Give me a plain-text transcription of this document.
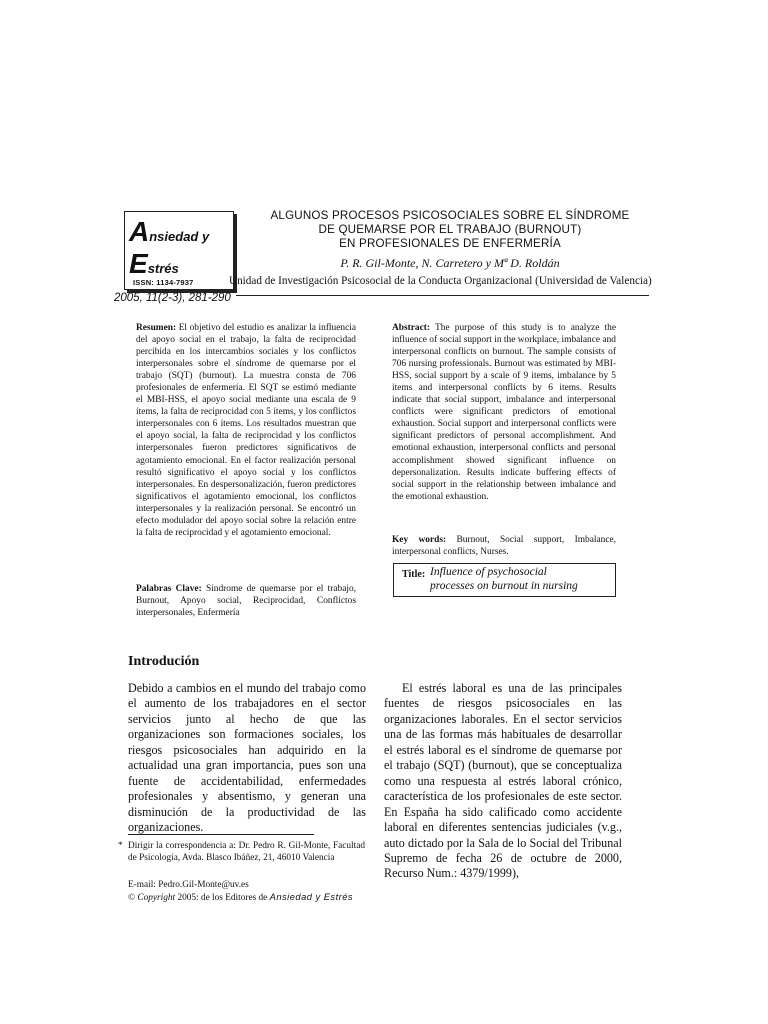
Ansiedad y
Estrés
ISSN: 1134-7937
ALGUNOS PROCESOS PSICOSOCIALES SOBRE EL SÍNDROME
DE QUEMARSE POR EL TRABAJO (BURNOUT)
EN PROFESIONALES DE ENFERMERÍA
P. R. Gil-Monte, N. Carretero y Mª D. Roldán
Unidad de Investigación Psicosocial de la Conducta Organizacional (Universidad de Valencia)
2005, 11(2-3), 281-290
Resumen: El objetivo del estudio es analizar la influencia del apoyo social en el trabajo, la falta de reciprocidad percibida en los intercambios sociales y los conflictos interpersonales sobre el síndrome de quemarse por el trabajo (SQT) (burnout). La muestra consta de 706 profesionales de enfermería. El SQT se estimó mediante el MBI-HSS, el apoyo social mediante una escala de 9 ítems, la falta de reciprocidad con 5 ítems, y los conflictos interpersonales con 6 ítems. Los resultados muestran que el apoyo social, la falta de reciprocidad y los conflictos interpersonales fueron predictores significativos de agotamiento emocional. En el factor realización personal resultó significativo el apoyo social y los conflictos interpersonales. En despersonalización, fueron predictores significativos el agotamiento emocional, los conflictos interpersonales y la realización personal. Se encontró un efecto modulador del apoyo social sobre la relación entre la falta de reciprocidad y el agotamiento emocional.
Palabras Clave: Síndrome de quemarse por el trabajo, Burnout, Apoyo social, Reciprocidad, Conflictos interpersonales, Enfermería
Abstract: The purpose of this study is to analyze the influence of social support in the workplace, imbalance and interpersonal conflicts on burnout. The sample consists of 706 nursing professionals. Burnout was estimated by MBI-HSS, social support by a scale of 9 items, imbalance by 5 items and interpersonal conflicts by 6 items. Results indicate that social support, imbalance and interpersonal conflicts were significant predictors of emotional exhaustion. Social support and interpersonal conflicts were significant predictors of personal accomplishment. And emotional exhaustion, interpersonal conflicts and personal accomplishment showed significant influence on depersonalization. Results indicate buffering effects of social support in the relationship between imbalance and the emotional exhaustion.
Key words: Burnout, Social support, Imbalance, interpersonal conflicts, Nurses.
Title: Influence of psychosocial
processes on burnout in nursing
Introdución
Debido a cambios en el mundo del trabajo como el aumento de los trabajadores en el sector servicios junto al hecho de que las organizaciones son formaciones sociales, los riesgos psicosociales han adquirido en la actualidad una gran importancia, pues son una fuente de accidentabilidad, enfermedades profesionales y absentismo, y generan una disminución de la productividad de las organizaciones.
El estrés laboral es una de las principales fuentes de riesgos psicosociales en las organizaciones laborales. En el sector servicios una de las formas más habituales de desarrollar el estrés laboral es el síndrome de quemarse por el trabajo (SQT) (burnout), que se conceptualiza como una respuesta al estrés laboral crónico, característica de los profesionales de este sector. En España ha sido calificado como accidente laboral en diferentes sentencias judiciales (v.g., auto dictado por la Sala de lo Social del Tribunal Supremo de fecha 26 de octubre de 2000, Recurso Num.: 4379/1999),
* Dirigir la correspondencia a: Dr. Pedro R. Gil-Monte, Facultad de Psicología, Avda. Blasco Ibáñez, 21, 46010 Valencia
E-mail: Pedro.Gil-Monte@uv.es
© Copyright 2005: de los Editores de Ansiedad y Estrés
